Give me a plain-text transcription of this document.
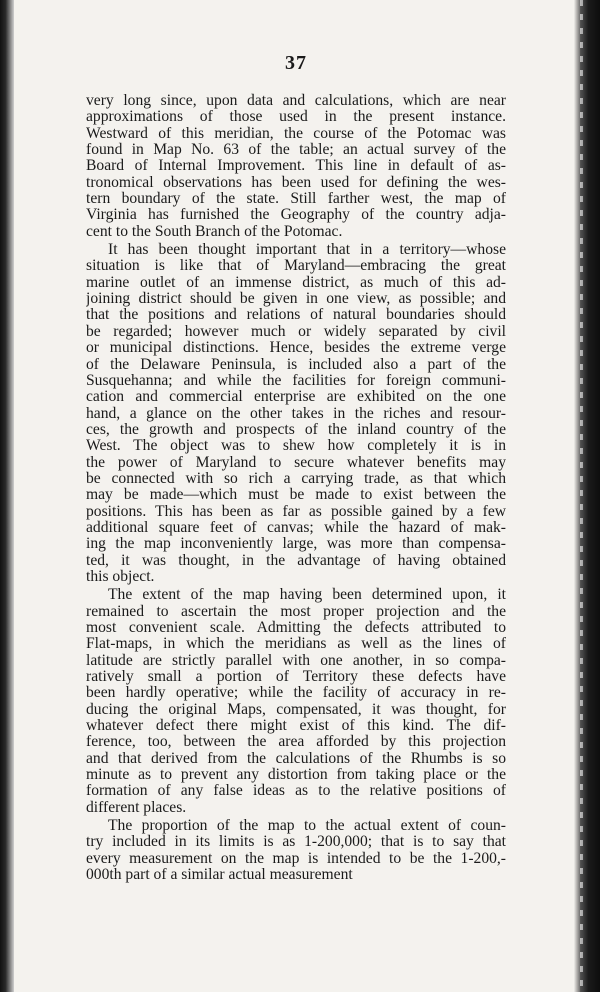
37
very long since, upon data and calculations, which are near
approximations of those used in the present instance.
Westward of this meridian, the course of the Potomac was
found in Map No. 63 of the table; an actual survey of the
Board of Internal Improvement. This line in default of as-
tronomical observations has been used for defining the wes-
tern boundary of the state. Still farther west, the map of
Virginia has furnished the Geography of the country adja-
cent to the South Branch of the Potomac.
It has been thought important that in a territory—whose
situation is like that of Maryland—embracing the great
marine outlet of an immense district, as much of this ad-
joining district should be given in one view, as possible; and
that the positions and relations of natural boundaries should
be regarded; however much or widely separated by civil
or municipal distinctions. Hence, besides the extreme verge
of the Delaware Peninsula, is included also a part of the
Susquehanna; and while the facilities for foreign communi-
cation and commercial enterprise are exhibited on the one
hand, a glance on the other takes in the riches and resour-
ces, the growth and prospects of the inland country of the
West. The object was to shew how completely it is in
the power of Maryland to secure whatever benefits may
be connected with so rich a carrying trade, as that which
may be made—which must be made to exist between the
positions. This has been as far as possible gained by a few
additional square feet of canvas; while the hazard of mak-
ing the map inconveniently large, was more than compensa-
ted, it was thought, in the advantage of having obtained
this object.
The extent of the map having been determined upon, it
remained to ascertain the most proper projection and the
most convenient scale. Admitting the defects attributed to
Flat-maps, in which the meridians as well as the lines of
latitude are strictly parallel with one another, in so compa-
ratively small a portion of Territory these defects have
been hardly operative; while the facility of accuracy in re-
ducing the original Maps, compensated, it was thought, for
whatever defect there might exist of this kind. The dif-
ference, too, between the area afforded by this projection
and that derived from the calculations of the Rhumbs is so
minute as to prevent any distortion from taking place or the
formation of any false ideas as to the relative positions of
different places.
The proportion of the map to the actual extent of coun-
try included in its limits is as 1-200,000; that is to say that
every measurement on the map is intended to be the 1-200,-
000th part of a similar actual measurement
